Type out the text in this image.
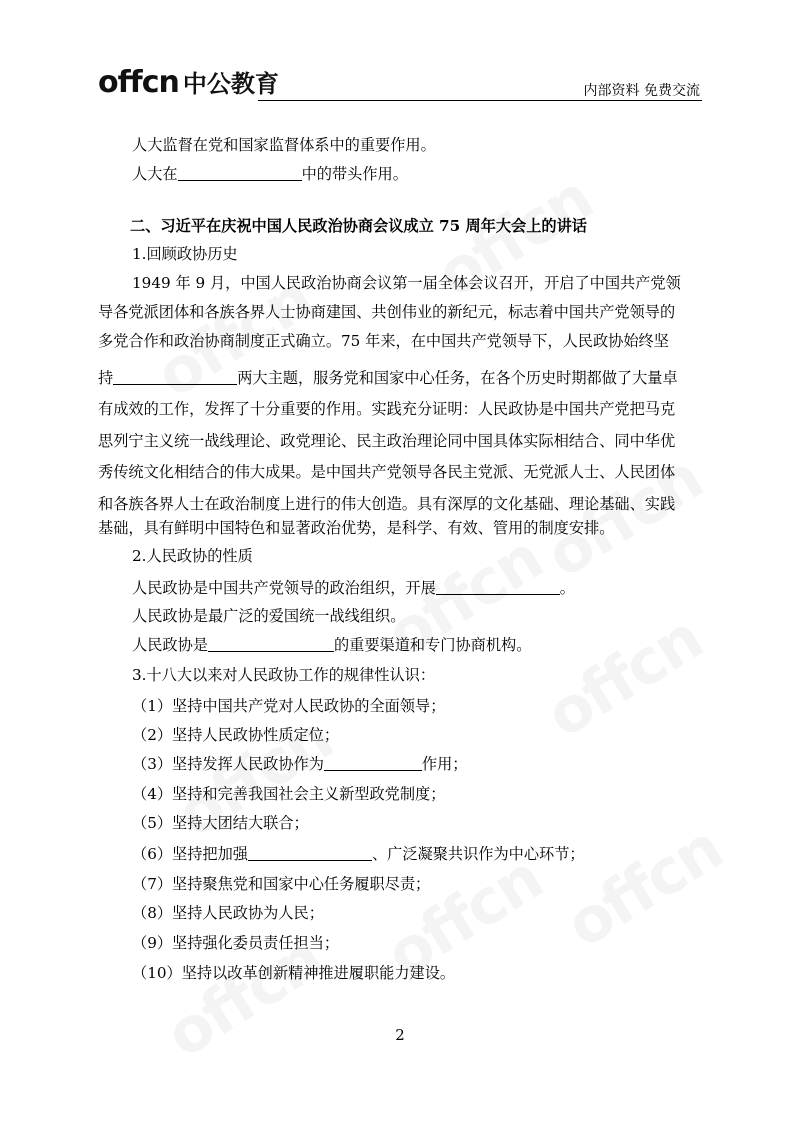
offcn 中公教育	内部资料 免费交流
人大监督在党和国家监督体系中的重要作用。
人大在	中的带头作用。
二、习近平在庆祝中国人民政治协商会议成立 75 周年大会上的讲话
1.回顾政协历史
1949 年 9 月，中国人民政治协商会议第一届全体会议召开，开启了中国共产党领
导各党派团体和各族各界人士协商建国、共创伟业的新纪元，标志着中国共产党领导的
多党合作和政治协商制度正式确立。75 年来，在中国共产党领导下，人民政协始终坚
持	两大主题，服务党和国家中心任务，在各个历史时期都做了大量卓
有成效的工作，发挥了十分重要的作用。实践充分证明：人民政协是中国共产党把马克
思列宁主义统一战线理论、政党理论、民主政治理论同中国具体实际相结合、同中华优
秀传统文化相结合的伟大成果。是中国共产党领导各民主党派、无党派人士、人民团体
和各族各界人士在政治制度上进行的伟大创造。具有深厚的文化基础、理论基础、实践
基础，具有鲜明中国特色和显著政治优势，是科学、有效、管用的制度安排。
2.人民政协的性质
人民政协是中国共产党领导的政治组织，开展	。
人民政协是最广泛的爱国统一战线组织。
人民政协是	的重要渠道和专门协商机构。
3.十八大以来对人民政协工作的规律性认识：
（1）坚持中国共产党对人民政协的全面领导；
（2）坚持人民政协性质定位；
（3）坚持发挥人民政协作为	作用；
（4）坚持和完善我国社会主义新型政党制度；
（5）坚持大团结大联合；
（6）坚持把加强	、广泛凝聚共识作为中心环节；
（7）坚持聚焦党和国家中心任务履职尽责；
（8）坚持人民政协为人民；
（9）坚持强化委员责任担当；
（10）坚持以改革创新精神推进履职能力建设。
2
